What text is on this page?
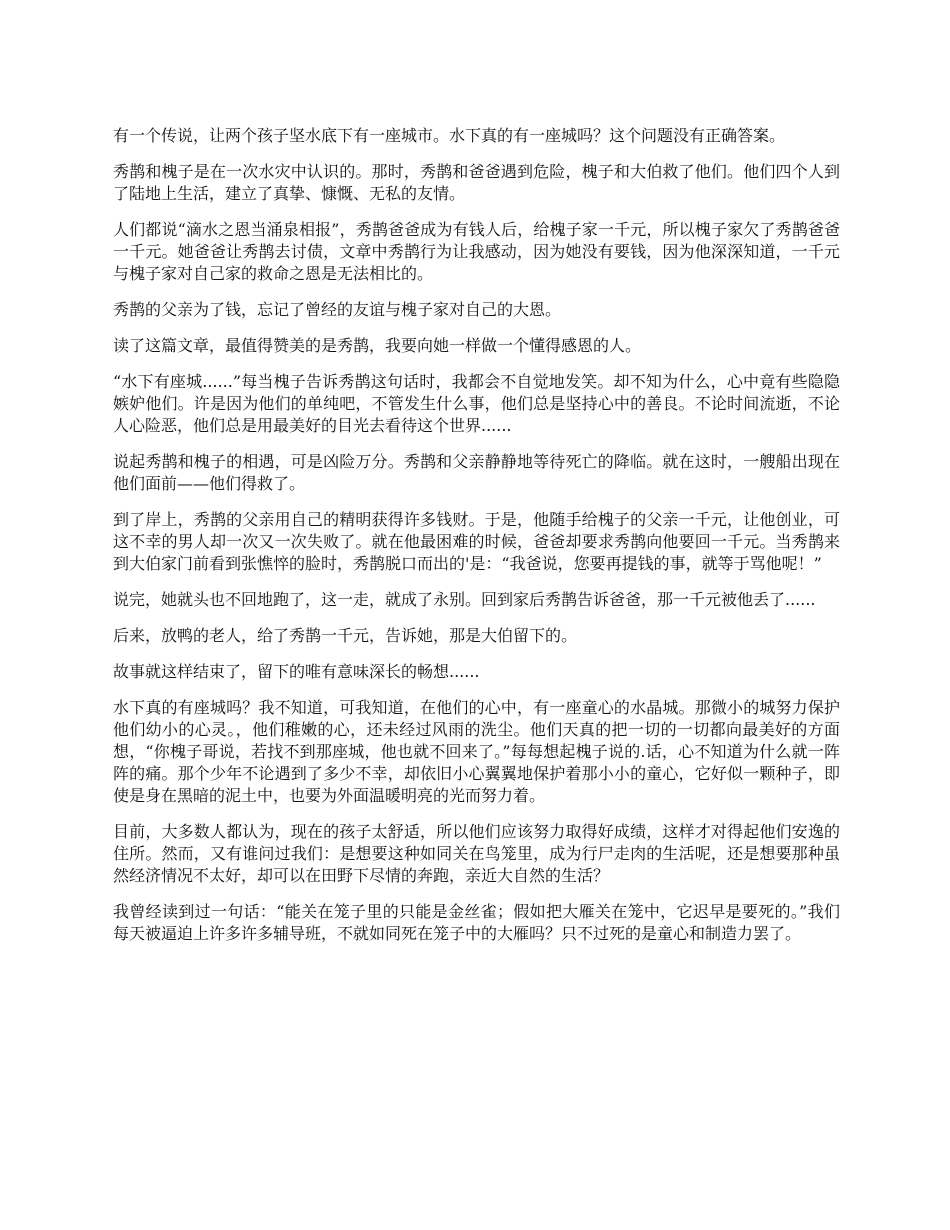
有一个传说，让两个孩子坚水底下有一座城市。水下真的有一座城吗？这个问题没有正确答案。

秀鹊和槐子是在一次水灾中认识的。那时，秀鹊和爸爸遇到危险，槐子和大伯救了他们。他们四个人到了陆地上生活，建立了真挚、慷慨、无私的友情。

人们都说“滴水之恩当涌泉相报”，秀鹊爸爸成为有钱人后，给槐子家一千元，所以槐子家欠了秀鹊爸爸一千元。她爸爸让秀鹊去讨债，文章中秀鹊行为让我感动，因为她没有要钱，因为他深深知道，一千元与槐子家对自己家的救命之恩是无法相比的。

秀鹊的父亲为了钱，忘记了曾经的友谊与槐子家对自己的大恩。

读了这篇文章，最值得赞美的是秀鹊，我要向她一样做一个懂得感恩的人。

“水下有座城......”每当槐子告诉秀鹊这句话时，我都会不自觉地发笑。却不知为什么，心中竟有些隐隐嫉妒他们。许是因为他们的单纯吧，不管发生什么事，他们总是坚持心中的善良。不论时间流逝，不论人心险恶，他们总是用最美好的目光去看待这个世界......

说起秀鹊和槐子的相遇，可是凶险万分。秀鹊和父亲静静地等待死亡的降临。就在这时，一艘船出现在他们面前——他们得救了。

到了岸上，秀鹊的父亲用自己的精明获得许多钱财。于是，他随手给槐子的父亲一千元，让他创业，可这不幸的男人却一次又一次失败了。就在他最困难的时候，爸爸却要求秀鹊向他要回一千元。当秀鹊来到大伯家门前看到张憔悴的脸时，秀鹊脱口而出的'是：“我爸说，您要再提钱的事，就等于骂他呢！”

说完，她就头也不回地跑了，这一走，就成了永别。回到家后秀鹊告诉爸爸，那一千元被他丢了......

后来，放鸭的老人，给了秀鹊一千元，告诉她，那是大伯留下的。

故事就这样结束了，留下的唯有意味深长的畅想......

水下真的有座城吗？我不知道，可我知道，在他们的心中，有一座童心的水晶城。那微小的城努力保护他们幼小的心灵。，他们稚嫩的心，还未经过风雨的洗尘。他们天真的把一切的一切都向最美好的方面想，“你槐子哥说，若找不到那座城，他也就不回来了。”每每想起槐子说的.话，心不知道为什么就一阵阵的痛。那个少年不论遇到了多少不幸，却依旧小心翼翼地保护着那小小的童心，它好似一颗种子，即使是身在黑暗的泥土中，也要为外面温暖明亮的光而努力着。

目前，大多数人都认为，现在的孩子太舒适，所以他们应该努力取得好成绩，这样才对得起他们安逸的住所。然而，又有谁问过我们：是想要这种如同关在鸟笼里，成为行尸走肉的生活呢，还是想要那种虽然经济情况不太好，却可以在田野下尽情的奔跑，亲近大自然的生活？

我曾经读到过一句话：“能关在笼子里的只能是金丝雀；假如把大雁关在笼中，它迟早是要死的。”我们每天被逼迫上许多许多辅导班，不就如同死在笼子中的大雁吗？只不过死的是童心和制造力罢了。
